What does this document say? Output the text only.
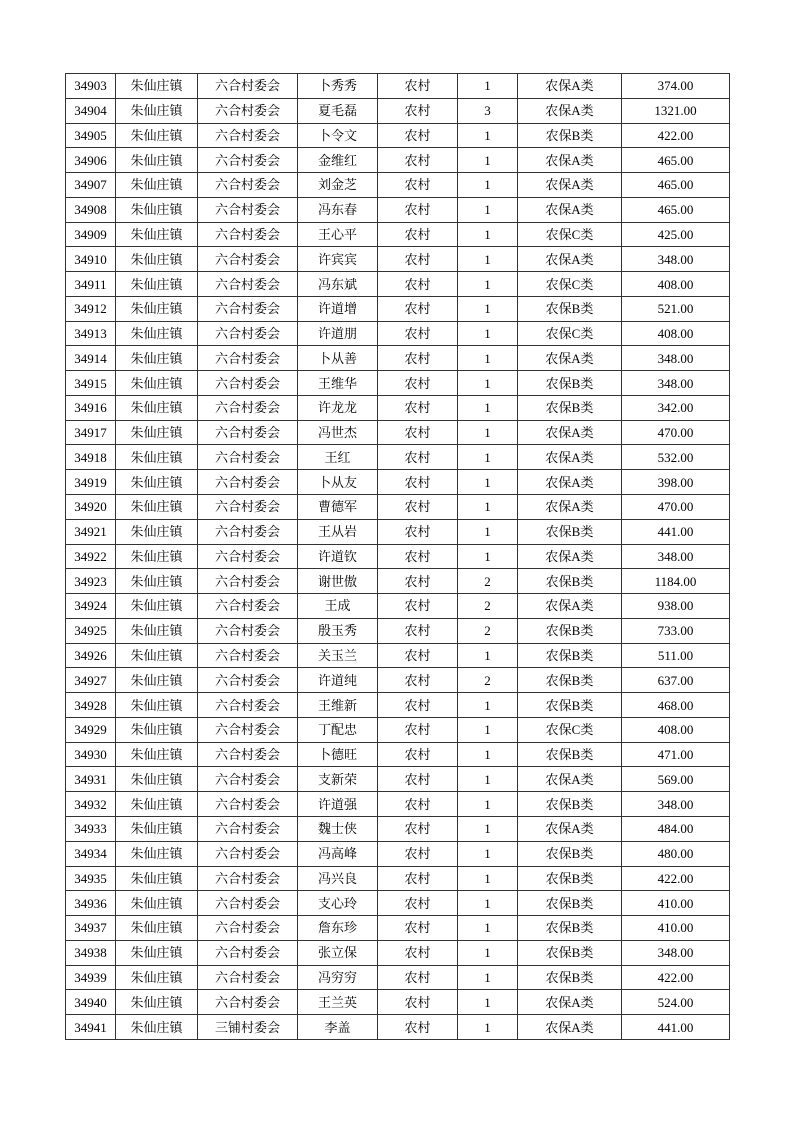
34903	朱仙庄镇	六合村委会	卜秀秀	农村	1	农保A类	374.00
34904	朱仙庄镇	六合村委会	夏毛磊	农村	3	农保A类	1321.00
34905	朱仙庄镇	六合村委会	卜令文	农村	1	农保B类	422.00
34906	朱仙庄镇	六合村委会	金维红	农村	1	农保A类	465.00
34907	朱仙庄镇	六合村委会	刘金芝	农村	1	农保A类	465.00
34908	朱仙庄镇	六合村委会	冯东春	农村	1	农保A类	465.00
34909	朱仙庄镇	六合村委会	王心平	农村	1	农保C类	425.00
34910	朱仙庄镇	六合村委会	许宾宾	农村	1	农保A类	348.00
34911	朱仙庄镇	六合村委会	冯东斌	农村	1	农保C类	408.00
34912	朱仙庄镇	六合村委会	许道增	农村	1	农保B类	521.00
34913	朱仙庄镇	六合村委会	许道朋	农村	1	农保C类	408.00
34914	朱仙庄镇	六合村委会	卜从善	农村	1	农保A类	348.00
34915	朱仙庄镇	六合村委会	王维华	农村	1	农保B类	348.00
34916	朱仙庄镇	六合村委会	许龙龙	农村	1	农保B类	342.00
34917	朱仙庄镇	六合村委会	冯世杰	农村	1	农保A类	470.00
34918	朱仙庄镇	六合村委会	王红	农村	1	农保A类	532.00
34919	朱仙庄镇	六合村委会	卜从友	农村	1	农保A类	398.00
34920	朱仙庄镇	六合村委会	曹德军	农村	1	农保A类	470.00
34921	朱仙庄镇	六合村委会	王从岩	农村	1	农保B类	441.00
34922	朱仙庄镇	六合村委会	许道钦	农村	1	农保A类	348.00
34923	朱仙庄镇	六合村委会	谢世傲	农村	2	农保B类	1184.00
34924	朱仙庄镇	六合村委会	王成	农村	2	农保A类	938.00
34925	朱仙庄镇	六合村委会	殷玉秀	农村	2	农保B类	733.00
34926	朱仙庄镇	六合村委会	关玉兰	农村	1	农保B类	511.00
34927	朱仙庄镇	六合村委会	许道纯	农村	2	农保B类	637.00
34928	朱仙庄镇	六合村委会	王维新	农村	1	农保B类	468.00
34929	朱仙庄镇	六合村委会	丁配忠	农村	1	农保C类	408.00
34930	朱仙庄镇	六合村委会	卜德旺	农村	1	农保B类	471.00
34931	朱仙庄镇	六合村委会	支新荣	农村	1	农保A类	569.00
34932	朱仙庄镇	六合村委会	许道强	农村	1	农保B类	348.00
34933	朱仙庄镇	六合村委会	魏士侠	农村	1	农保A类	484.00
34934	朱仙庄镇	六合村委会	冯高峰	农村	1	农保B类	480.00
34935	朱仙庄镇	六合村委会	冯兴良	农村	1	农保B类	422.00
34936	朱仙庄镇	六合村委会	支心玲	农村	1	农保B类	410.00
34937	朱仙庄镇	六合村委会	詹东珍	农村	1	农保B类	410.00
34938	朱仙庄镇	六合村委会	张立保	农村	1	农保B类	348.00
34939	朱仙庄镇	六合村委会	冯穷穷	农村	1	农保B类	422.00
34940	朱仙庄镇	六合村委会	王兰英	农村	1	农保A类	524.00
34941	朱仙庄镇	三铺村委会	李盖	农村	1	农保A类	441.00
